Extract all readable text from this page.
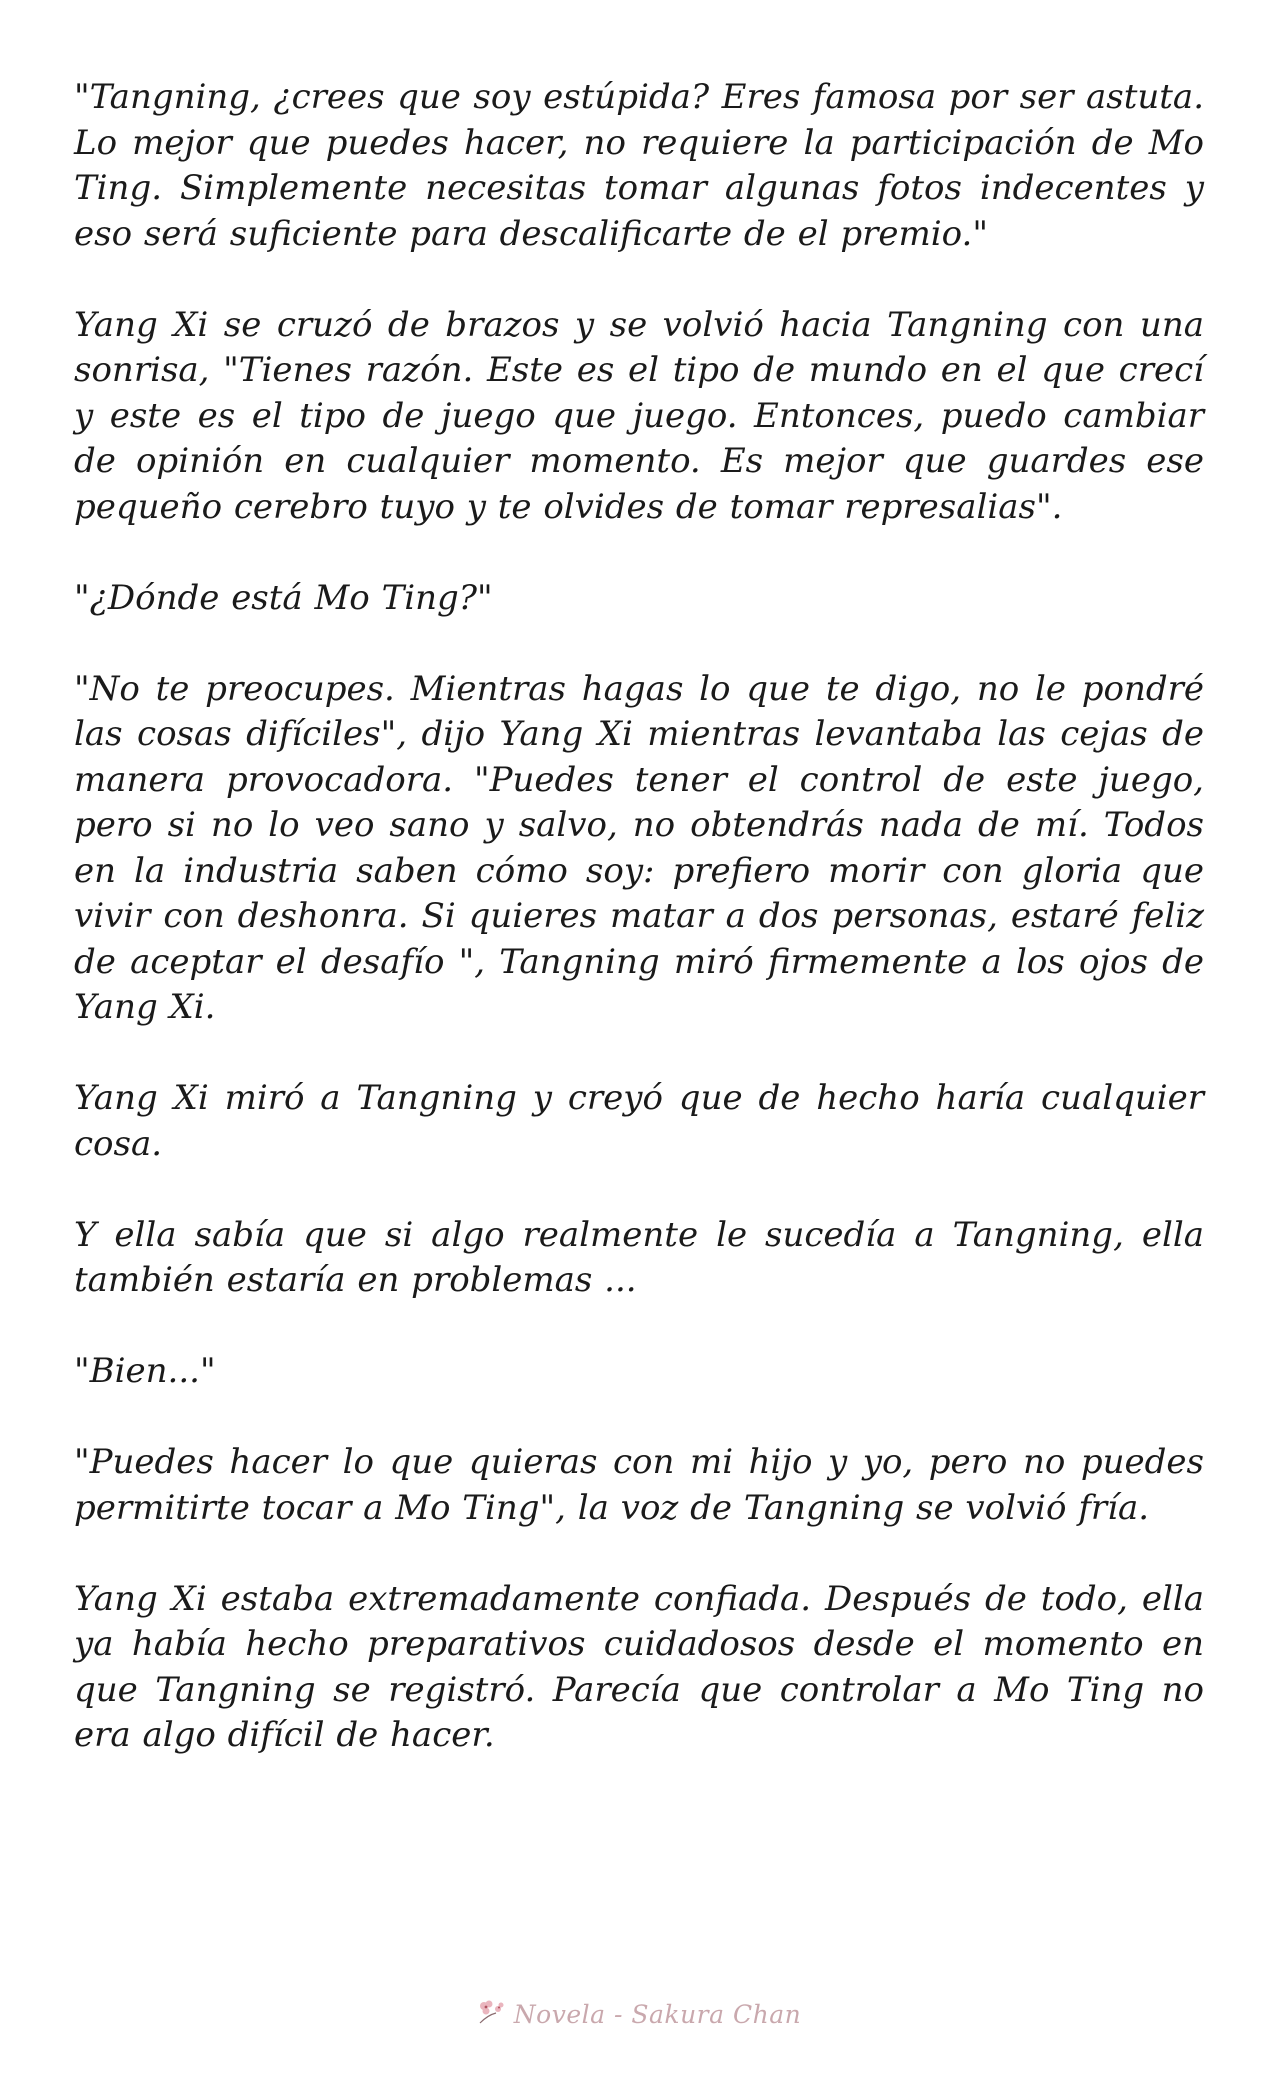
"Tangning, ¿crees que soy estúpida? Eres famosa por ser astuta. Lo mejor que puedes hacer, no requiere la participación de Mo Ting. Simplemente necesitas tomar algunas fotos indecentes y eso será suficiente para descalificarte de el premio."

Yang Xi se cruzó de brazos y se volvió hacia Tangning con una sonrisa, "Tienes razón. Este es el tipo de mundo en el que crecí y este es el tipo de juego que juego. Entonces, puedo cambiar de opinión en cualquier momento. Es mejor que guardes ese pequeño cerebro tuyo y te olvides de tomar represalias".

"¿Dónde está Mo Ting?"

"No te preocupes. Mientras hagas lo que te digo, no le pondré las cosas difíciles", dijo Yang Xi mientras levantaba las cejas de manera provocadora. "Puedes tener el control de este juego, pero si no lo veo sano y salvo, no obtendrás nada de mí. Todos en la industria saben cómo soy: prefiero morir con gloria que vivir con deshonra. Si quieres matar a dos personas, estaré feliz de aceptar el desafío ", Tangning miró firmemente a los ojos de Yang Xi.

Yang Xi miró a Tangning y creyó que de hecho haría cualquier cosa.

Y ella sabía que si algo realmente le sucedía a Tangning, ella también estaría en problemas ...

"Bien..."

"Puedes hacer lo que quieras con mi hijo y yo, pero no puedes permitirte tocar a Mo Ting", la voz de Tangning se volvió fría.

Yang Xi estaba extremadamente confiada. Después de todo, ella ya había hecho preparativos cuidadosos desde el momento en que Tangning se registró. Parecía que controlar a Mo Ting no era algo difícil de hacer.

Novela - Sakura Chan
